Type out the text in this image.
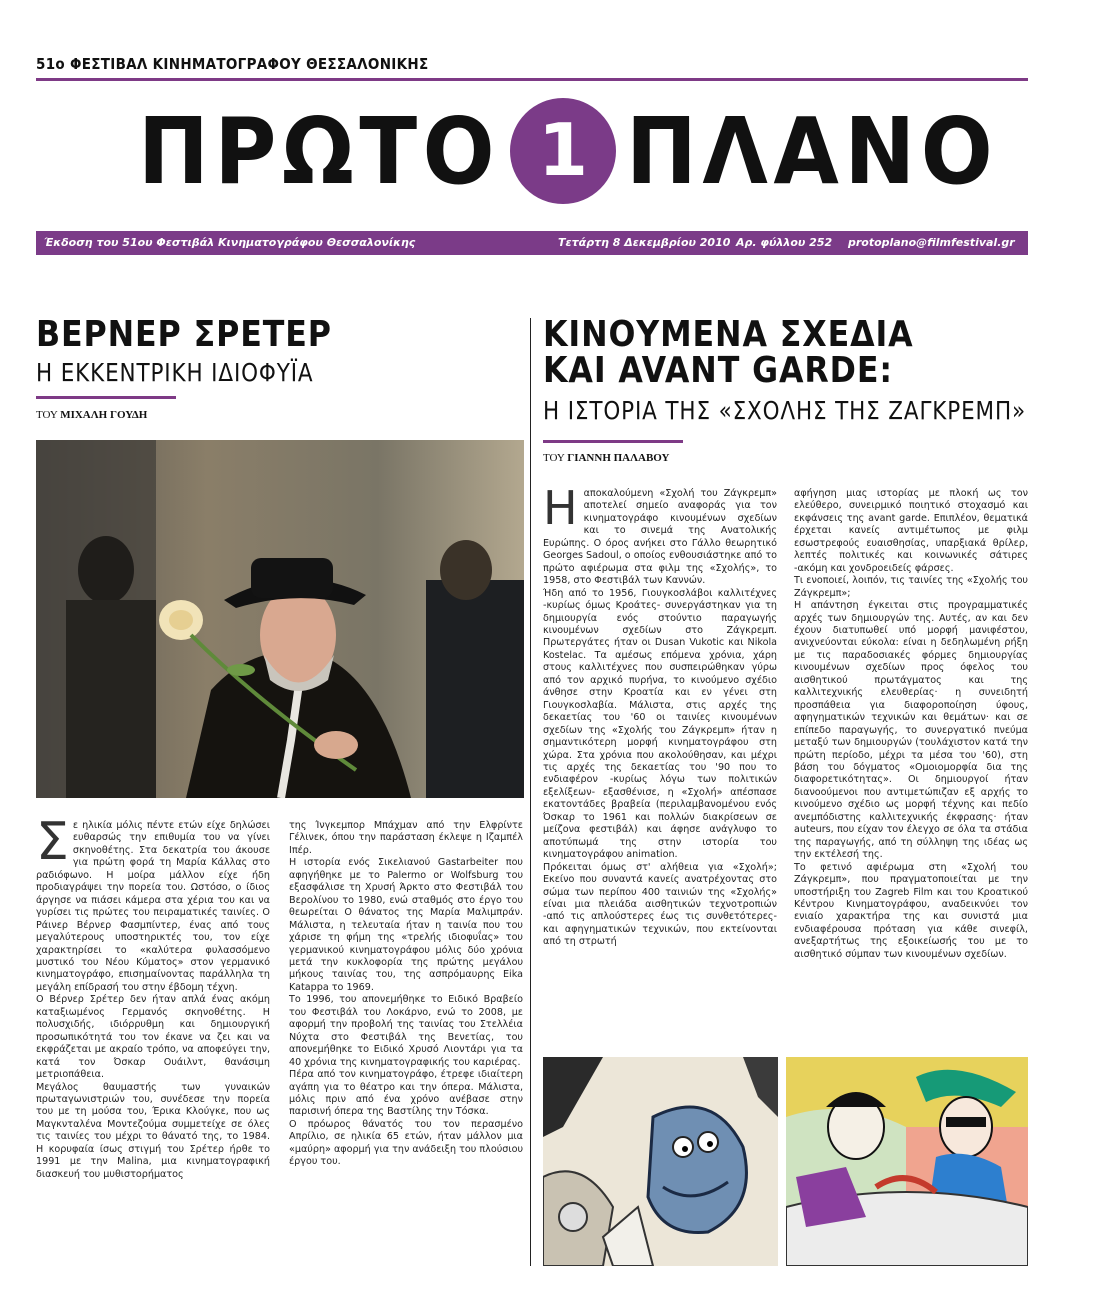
51ο ΦΕΣΤΙΒΑΛ ΚΙΝΗΜΑΤΟΓΡΑΦΟΥ ΘΕΣΣΑΛΟΝΙΚΗΣ
ΠΡΩΤΟ 1 ΠΛΑΝΟ
Έκδοση του 51ου Φεστιβάλ Κινηματογράφου Θεσσαλονίκης	Τετάρτη 8 Δεκεμβρίου 2010 Αρ. φύλλου 252 protoplano@filmfestival.gr
ΒΕΡΝΕΡ ΣΡΕΤΕΡ
Η ΕΚΚΕΝΤΡΙΚΗ ΙΔΙΟΦΥΪΑ
ΤΟΥ ΜΙΧΑΛΗ ΓΟΥΔΗ
Σ ε ηλικία μόλις πέντε ετών είχε δηλώσει ευθαρσώς την επιθυμία του να γίνει σκηνοθέτης. Στα δεκατρία του άκουσε για πρώτη φορά τη Μαρία Κάλλας στο ραδιόφωνο. Η μοίρα μάλλον είχε ήδη προδιαγράψει την πορεία του. Ωστόσο, ο ίδιος άργησε να πιάσει κάμερα στα χέρια του και να γυρίσει τις πρώτες του πειραματικές ταινίες. Ο Ράινερ Βέρνερ Φασμπίντερ, ένας από τους μεγαλύτερους υποστηρικτές του, τον είχε χαρακτηρίσει το «καλύτερα φυλασσόμενο μυστικό του Νέου Κύματος» στον γερμανικό κινηματογράφο, επισημαίνοντας παράλληλα τη μεγάλη επίδρασή του στην έβδομη τέχνη.

Ο Βέρνερ Σρέτερ δεν ήταν απλά ένας ακόμη καταξιωμένος Γερμανός σκηνοθέτης. Η πολυσχιδής, ιδιόρρυθμη και δημιουργική προσωπικότητά του τον έκανε να ζει και να εκφράζεται με ακραίο τρόπο, να αποφεύγει την, κατά τον Όσκαρ Ουάιλντ, θανάσιμη μετριοπάθεια.

Μεγάλος θαυμαστής των γυναικών πρωταγωνιστριών του, συνέδεσε την πορεία του με τη μούσα του, Έρικα Κλούγκε, που ως Μαγκνταλένα Μοντεζούμα συμμετείχε σε όλες τις ταινίες του μέχρι το θάνατό της, το 1984. Η κορυφαία ίσως στιγμή του Σρέτερ ήρθε το 1991 με την Malina, μια κινηματογραφική διασκευή του μυθιστορήματος

της Ίνγκεμπορ Μπάχμαν από την Ελφρίντε Γέλινεκ, όπου την παράσταση έκλεψε η Ιζαμπέλ Ιπέρ.

Η ιστορία ενός Σικελιανού Gastarbeiter που αφηγήθηκε με το Palermo or Wolfsburg του εξασφάλισε τη Χρυσή Άρκτο στο Φεστιβάλ του Βερολίνου το 1980, ενώ σταθμός στο έργο του θεωρείται Ο θάνατος της Μαρία Μαλιμπράν. Μάλιστα, η τελευταία ήταν η ταινία που του χάρισε τη φήμη της «τρελής ιδιοφυΐας» του γερμανικού κινηματογράφου μόλις δύο χρόνια μετά την κυκλοφορία της πρώτης μεγάλου μήκους ταινίας του, της ασπρόμαυρης Eika Katappa το 1969.

Το 1996, του απονεμήθηκε το Ειδικό Βραβείο του Φεστιβάλ του Λοκάρνο, ενώ το 2008, με αφορμή την προβολή της ταινίας του Στελλέια Νύχτα στο Φεστιβάλ της Βενετίας, του απονεμήθηκε το Ειδικό Χρυσό Λιοντάρι για τα 40 χρόνια της κινηματογραφικής του καριέρας.

Πέρα από τον κινηματογράφο, έτρεφε ιδιαίτερη αγάπη για το θέατρο και την όπερα. Μάλιστα, μόλις πριν από ένα χρόνο ανέβασε στην παρισινή όπερα της Βαστίλης την Τόσκα.

Ο πρόωρος θάνατός του τον περασμένο Απρίλιο, σε ηλικία 65 ετών, ήταν μάλλον μια «μαύρη» αφορμή για την ανάδειξη του πλούσιου έργου του.

ΚΙΝΟΥΜΕΝΑ ΣΧΕΔΙΑ
ΚΑΙ AVANT GARDE:
Η ΙΣΤΟΡΙΑ ΤΗΣ «ΣΧΟΛΗΣ ΤΗΣ ΖΑΓΚΡΕΜΠ»
ΤΟΥ ΓΙΑΝΝΗ ΠΑΛΑΒΟΥ
Η αποκαλούμενη «Σχολή του Ζάγκρεμπ» αποτελεί σημείο αναφοράς για τον κινηματογράφο κινουμένων σχεδίων και το σινεμά της Ανατολικής Ευρώπης. Ο όρος ανήκει στο Γάλλο θεωρητικό Georges Sadoul, ο οποίος ενθουσιάστηκε από το πρώτο αφιέρωμα στα φιλμ της «Σχολής», το 1958, στο Φεστιβάλ των Καννών.

Ήδη από το 1956, Γιουγκοσλάβοι καλλιτέχνες -κυρίως όμως Κροάτες- συνεργάστηκαν για τη δημιουργία ενός στούντιο παραγωγής κινουμένων σχεδίων στο Ζάγκρεμπ. Πρωτεργάτες ήταν οι Dusan Vukotic και Nikola Kostelac. Τα αμέσως επόμενα χρόνια, χάρη στους καλλιτέχνες που συσπειρώθηκαν γύρω από τον αρχικό πυρήνα, το κινούμενο σχέδιο άνθησε στην Κροατία και εν γένει στη Γιουγκοσλαβία. Μάλιστα, στις αρχές της δεκαετίας του '60 οι ταινίες κινουμένων σχεδίων της «Σχολής του Ζάγκρεμπ» ήταν η σημαντικότερη μορφή κινηματογράφου στη χώρα. Στα χρόνια που ακολούθησαν, και μέχρι τις αρχές της δεκαετίας του '90 που το ενδιαφέρον -κυρίως λόγω των πολιτικών εξελίξεων- εξασθένισε, η «Σχολή» απέσπασε εκατοντάδες βραβεία (περιλαμβανομένου ενός Όσκαρ το 1961 και πολλών διακρίσεων σε μείζονα φεστιβάλ) και άφησε ανάγλυφο το αποτύπωμά της στην ιστορία του κινηματογράφου animation.

Πρόκειται όμως στ' αλήθεια για «Σχολή»; Εκείνο που συναντά κανείς ανατρέχοντας στο σώμα των περίπου 400 ταινιών της «Σχολής» είναι μια πλειάδα αισθητικών τεχνοτροπιών -από τις απλούστερες έως τις συνθετότερες- και αφηγηματικών τεχνικών, που εκτείνονται από τη στρωτή

αφήγηση μιας ιστορίας με πλοκή ως τον ελεύθερο, συνειρμικό ποιητικό στοχασμό και εκφάνσεις της avant garde. Επιπλέον, θεματικά έρχεται κανείς αντιμέτωπος με φιλμ εσωστρεφούς ευαισθησίας, υπαρξιακά θρίλερ, λεπτές πολιτικές και κοινωνικές σάτιρες -ακόμη και χονδροειδείς φάρσες.

Τι ενοποιεί, λοιπόν, τις ταινίες της «Σχολής του Ζάγκρεμπ»;

Η απάντηση έγκειται στις προγραμματικές αρχές των δημιουργών της. Αυτές, αν και δεν έχουν διατυπωθεί υπό μορφή μανιφέστου, ανιχνεύονται εύκολα: είναι η δεδηλωμένη ρήξη με τις παραδοσιακές φόρμες δημιουργίας κινουμένων σχεδίων προς όφελος του αισθητικού πρωτάγματος και της καλλιτεχνικής ελευθερίας· η συνειδητή προσπάθεια για διαφοροποίηση ύφους, αφηγηματικών τεχνικών και θεμάτων· και σε επίπεδο παραγωγής, το συνεργατικό πνεύμα μεταξύ των δημιουργών (τουλάχιστον κατά την πρώτη περίοδο, μέχρι τα μέσα του '60), στη βάση του δόγματος «Ομοιομορφία δια της διαφορετικότητας». Οι δημιουργοί ήταν διανοούμενοι που αντιμετώπιζαν εξ αρχής το κινούμενο σχέδιο ως μορφή τέχνης και πεδίο ανεμπόδιστης καλλιτεχνικής έκφρασης· ήταν auteurs, που είχαν τον έλεγχο σε όλα τα στάδια της παραγωγής, από τη σύλληψη της ιδέας ως την εκτέλεσή της.

Το φετινό αφιέρωμα στη «Σχολή του Ζάγκρεμπ», που πραγματοποιείται με την υποστήριξη του Zagreb Film και του Κροατικού Κέντρου Κινηματογράφου, αναδεικνύει τον ενιαίο χαρακτήρα της και συνιστά μια ενδιαφέρουσα πρόταση για κάθε σινεφίλ, ανεξαρτήτως της εξοικείωσής του με το αισθητικό σύμπαν των κινουμένων σχεδίων.
